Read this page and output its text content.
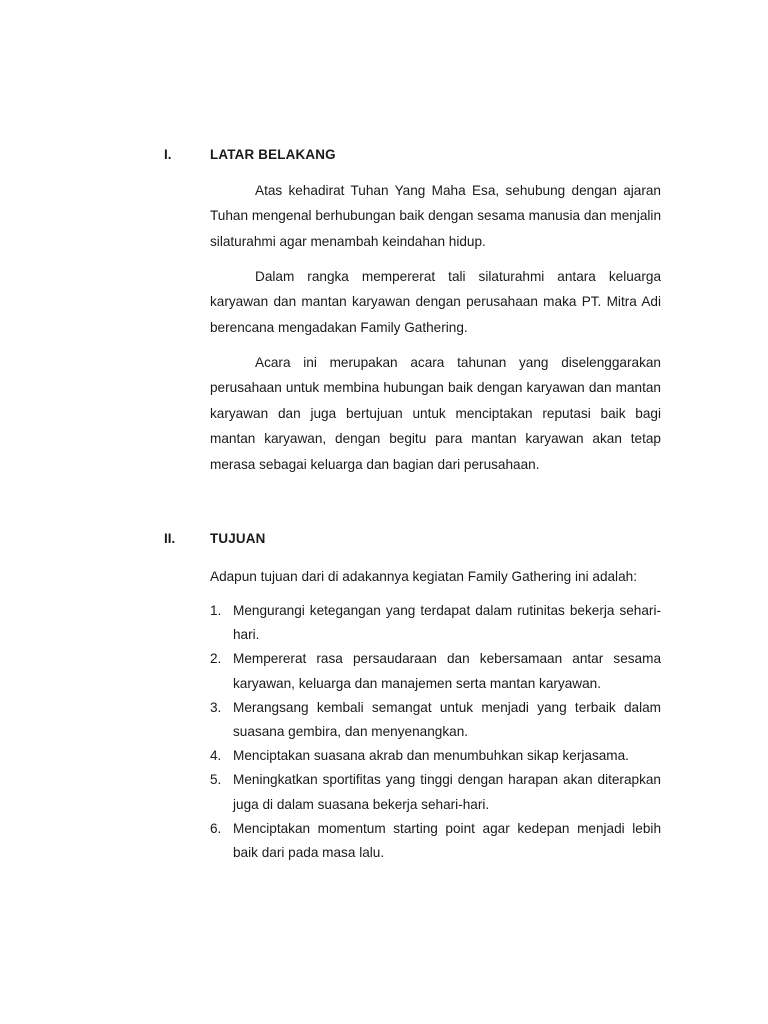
I.	LATAR BELAKANG

Atas kehadirat Tuhan Yang Maha Esa, sehubung dengan ajaran Tuhan mengenal berhubungan baik dengan sesama manusia dan menjalin silaturahmi agar menambah keindahan hidup.

Dalam rangka mempererat tali silaturahmi antara keluarga karyawan dan mantan karyawan dengan perusahaan maka PT. Mitra Adi berencana mengadakan Family Gathering.

Acara ini merupakan acara tahunan yang diselenggarakan perusahaan untuk membina hubungan baik dengan karyawan dan mantan karyawan dan juga bertujuan untuk menciptakan reputasi baik bagi mantan karyawan, dengan begitu para mantan karyawan akan tetap merasa sebagai keluarga dan bagian dari perusahaan.

II.	TUJUAN

Adapun tujuan dari di adakannya kegiatan Family Gathering ini adalah:

1. Mengurangi ketegangan yang terdapat dalam rutinitas bekerja sehari-hari.
2. Mempererat rasa persaudaraan dan kebersamaan antar sesama karyawan, keluarga dan manajemen serta mantan karyawan.
3. Merangsang kembali semangat untuk menjadi yang terbaik dalam suasana gembira, dan menyenangkan.
4. Menciptakan suasana akrab dan menumbuhkan sikap kerjasama.
5. Meningkatkan sportifitas yang tinggi dengan harapan akan diterapkan juga di dalam suasana bekerja sehari-hari.
6. Menciptakan momentum starting point agar kedepan menjadi lebih baik dari pada masa lalu.
